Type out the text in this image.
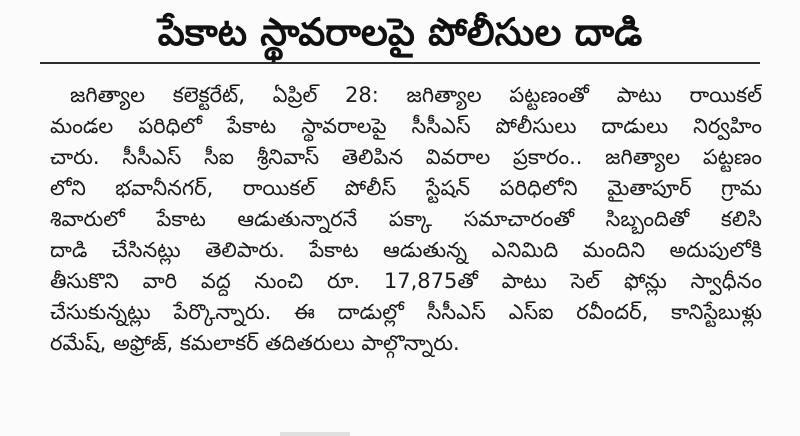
పేకాట స్థావరాలపై పోలీసుల దాడి
జగిత్యాల కలెక్టరేట్, ఏప్రిల్ 28: జగిత్యాల పట్టణంతో పాటు రాయికల్
మండల పరిధిలో పేకాట స్థావరాలపై సీసీఎస్ పోలీసులు దాడులు నిర్వహిం
చారు. సీసీఎస్ సీఐ శ్రీనివాస్ తెలిపిన వివరాల ప్రకారం.. జగిత్యాల పట్టణం
లోని భవానీనగర్, రాయికల్ పోలీస్ స్టేషన్ పరిధిలోని మైతాపూర్ గ్రామ
శివారులో పేకాట ఆడుతున్నారనే పక్కా సమాచారంతో సిబ్బందితో కలిసి
దాడి చేసినట్లు తెలిపారు. పేకాట ఆడుతున్న ఎనిమిది మందిని అదుపులోకి
తీసుకొని వారి వద్ద నుంచి రూ. 17,875తో పాటు సెల్ ఫోన్లు స్వాధీనం
చేసుకున్నట్లు పేర్కొన్నారు. ఈ దాడుల్లో సీసీఎస్ ఎస్ఐ రవీందర్, కానిస్టేబుళ్లు
రమేష్, అఫ్రోజ్, కమలాకర్ తదితరులు పాల్గొన్నారు.
